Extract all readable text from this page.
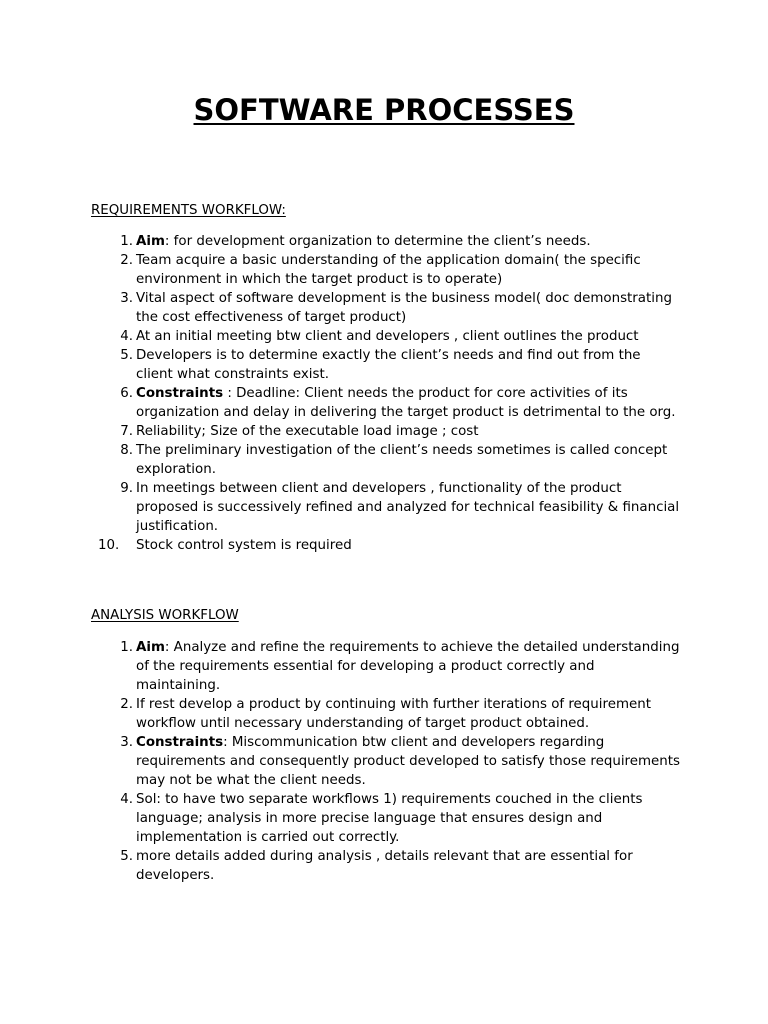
SOFTWARE PROCESSES

REQUIREMENTS WORKFLOW:

1. Aim: for development organization to determine the client’s needs.
2. Team acquire a basic understanding of the application domain( the specific environment in which the target product is to operate)
3. Vital aspect of software development is the business model( doc demonstrating the cost effectiveness of target product)
4. At an initial meeting btw client and developers , client outlines the product
5. Developers is to determine exactly the client’s needs and find out from the client what constraints exist.
6. Constraints : Deadline: Client needs the product for core activities of its organization and delay in delivering the target product is detrimental to the org.
7. Reliability; Size of the executable load image ; cost
8. The preliminary investigation of the client’s needs sometimes is called concept exploration.
9. In meetings between client and developers , functionality of the product proposed is successively refined and analyzed for technical feasibility & financial justification.
10.	Stock control system is required

ANALYSIS WORKFLOW

1. Aim: Analyze and refine the requirements to achieve the detailed understanding of the requirements essential for developing a product correctly and maintaining.
2. If rest develop a product by continuing with further iterations of requirement workflow until necessary understanding of target product obtained.
3. Constraints: Miscommunication btw client and developers regarding requirements and consequently product developed to satisfy those requirements may not be what the client needs.
4. Sol: to have two separate workflows 1) requirements couched in the clients language; analysis in more precise language that ensures design and implementation is carried out correctly.
5. more details added during analysis , details relevant that are essential for developers.
